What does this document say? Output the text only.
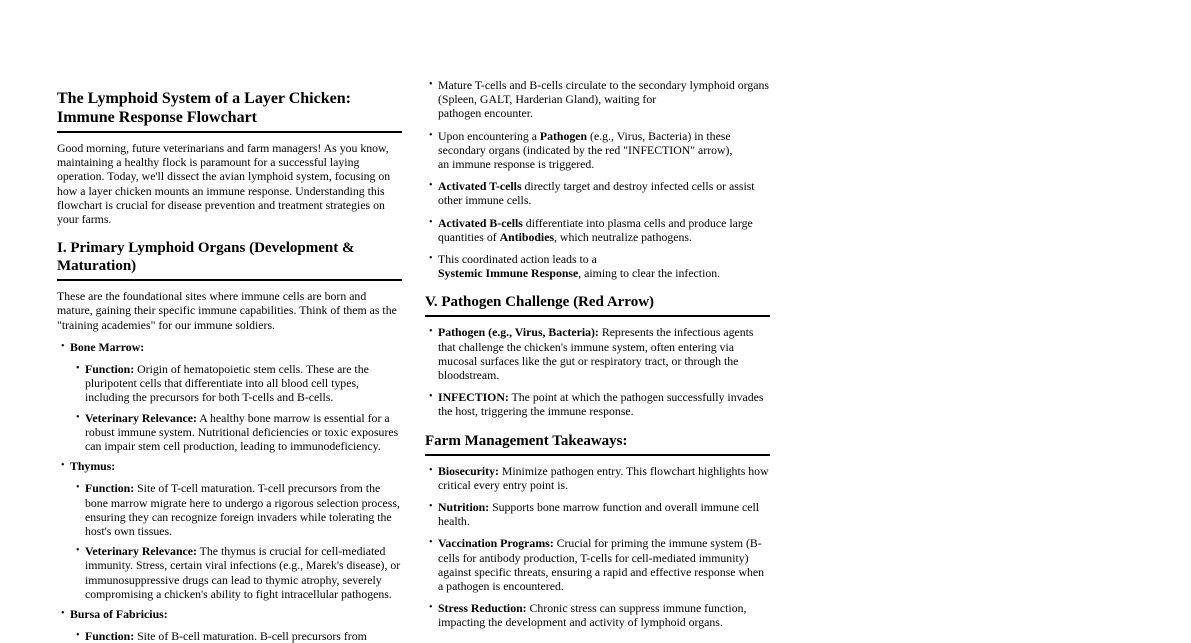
The Lymphoid System of a Layer Chicken: Immune Response Flowchart
Good morning, future veterinarians and farm managers! As you know, maintaining a healthy flock is paramount for a successful laying operation. Today, we'll dissect the avian lymphoid system, focusing on how a layer chicken mounts an immune response. Understanding this flowchart is crucial for disease prevention and treatment strategies on your farms.
I. Primary Lymphoid Organs (Development & Maturation)
These are the foundational sites where immune cells are born and mature, gaining their specific immune capabilities. Think of them as the "training academies" for our immune soldiers.
• Bone Marrow:
• Function: Origin of hematopoietic stem cells. These are the pluripotent cells that differentiate into all blood cell types, including the precursors for both T-cells and B-cells.
• Veterinary Relevance: A healthy bone marrow is essential for a robust immune system. Nutritional deficiencies or toxic exposures can impair stem cell production, leading to immunodeficiency.
• Thymus:
• Function: Site of T-cell maturation. T-cell precursors from the bone marrow migrate here to undergo a rigorous selection process, ensuring they can recognize foreign invaders while tolerating the host's own tissues.
• Veterinary Relevance: The thymus is crucial for cell-mediated immunity. Stress, certain viral infections (e.g., Marek's disease), or immunosuppressive drugs can lead to thymic atrophy, severely compromising a chicken's ability to fight intracellular pathogens.
• Bursa of Fabricius:
• Function: Site of B-cell maturation. B-cell precursors from
• Mature T-cells and B-cells circulate to the secondary lymphoid organs (Spleen, GALT, Harderian Gland), waiting for
pathogen encounter.
• Upon encountering a Pathogen (e.g., Virus, Bacteria) in these secondary organs (indicated by the red "INFECTION" arrow),
an immune response is triggered.
• Activated T-cells directly target and destroy infected cells or assist other immune cells.
• Activated B-cells differentiate into plasma cells and produce large quantities of Antibodies, which neutralize pathogens.
• This coordinated action leads to a
Systemic Immune Response, aiming to clear the infection.
V. Pathogen Challenge (Red Arrow)
• Pathogen (e.g., Virus, Bacteria): Represents the infectious agents that challenge the chicken's immune system, often entering via mucosal surfaces like the gut or respiratory tract, or through the bloodstream.
• INFECTION: The point at which the pathogen successfully invades the host, triggering the immune response.
Farm Management Takeaways:
• Biosecurity: Minimize pathogen entry. This flowchart highlights how critical every entry point is.
• Nutrition: Supports bone marrow function and overall immune cell health.
• Vaccination Programs: Crucial for priming the immune system (B-cells for antibody production, T-cells for cell-mediated immunity) against specific threats, ensuring a rapid and effective response when a pathogen is encountered.
• Stress Reduction: Chronic stress can suppress immune function, impacting the development and activity of lymphoid organs.
